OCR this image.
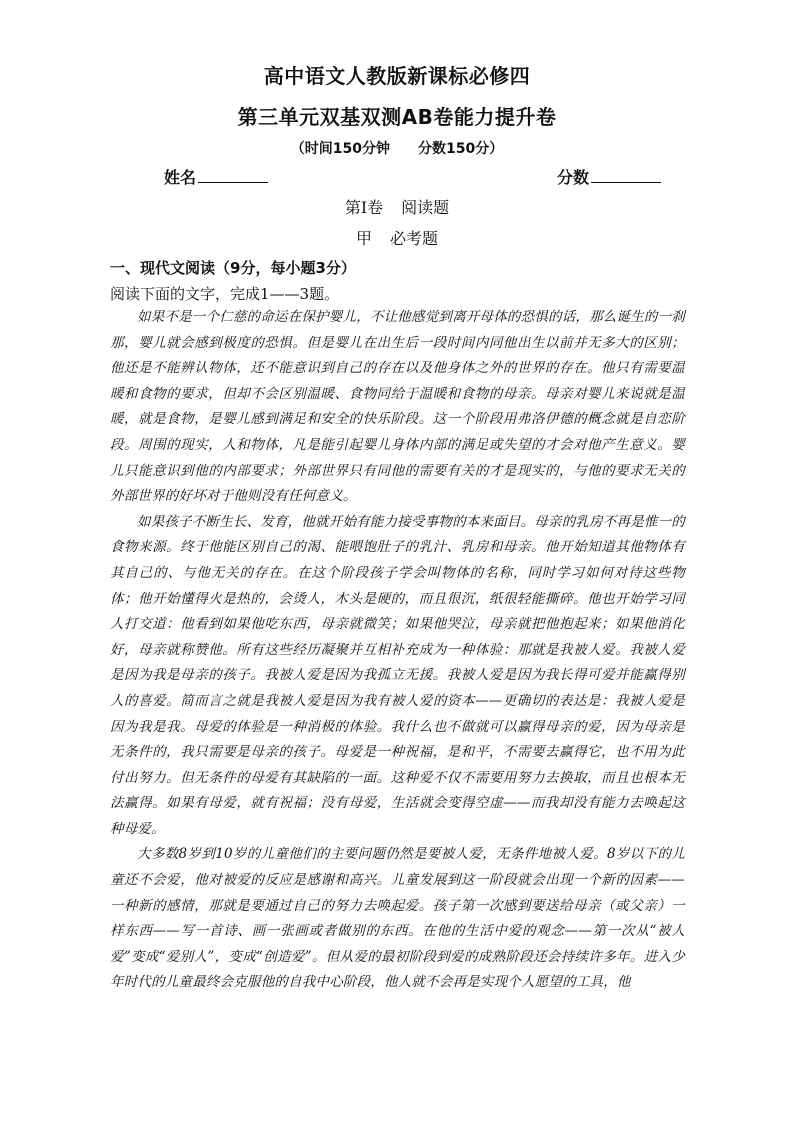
高中语文人教版新课标必修四
第三单元双基双测AB卷能力提升卷
（时间150分钟　　分数150分）
姓名	分数
第Ⅰ卷 阅读题
甲 必考题
一、现代文阅读（9分，每小题3分）
阅读下面的文字，完成1——3题。

如果不是一个仁慈的命运在保护婴儿，不让他感觉到离开母体的恐惧的话，那么诞生的一刹那，婴儿就会感到极度的恐惧。但是婴儿在出生后一段时间内同他出生以前并无多大的区别；他还是不能辨认物体，还不能意识到自己的存在以及他身体之外的世界的存在。他只有需要温暖和食物的要求，但却不会区别温暖、食物同给于温暖和食物的母亲。母亲对婴儿来说就是温暖，就是食物，是婴儿感到满足和安全的快乐阶段。这一个阶段用弗洛伊德的概念就是自恋阶段。周围的现实，人和物体，凡是能引起婴儿身体内部的满足或失望的才会对他产生意义。婴儿只能意识到他的内部要求；外部世界只有同他的需要有关的才是现实的，与他的要求无关的外部世界的好坏对于他则没有任何意义。

如果孩子不断生长、发育，他就开始有能力接受事物的本来面目。母亲的乳房不再是惟一的食物来源。终于他能区别自己的渴、能喂饱肚子的乳汁、乳房和母亲。他开始知道其他物体有其自己的、与他无关的存在。在这个阶段孩子学会叫物体的名称，同时学习如何对待这些物体；他开始懂得火是热的，会烫人，木头是硬的，而且很沉，纸很轻能撕碎。他也开始学习同人打交道：他看到如果他吃东西，母亲就微笑；如果他哭泣，母亲就把他抱起来；如果他消化好，母亲就称赞他。所有这些经历凝聚并互相补充成为一种体验：那就是我被人爱。我被人爱是因为我是母亲的孩子。我被人爱是因为我孤立无援。我被人爱是因为我长得可爱并能赢得别人的喜爱。简而言之就是我被人爱是因为我有被人爱的资本——更确切的表达是：我被人爱是因为我是我。母爱的体验是一种消极的体验。我什么也不做就可以赢得母亲的爱，因为母亲是无条件的，我只需要是母亲的孩子。母爱是一种祝福，是和平，不需要去赢得它，也不用为此付出努力。但无条件的母爱有其缺陷的一面。这种爱不仅不需要用努力去换取，而且也根本无法赢得。如果有母爱，就有祝福；没有母爱，生活就会变得空虚——而我却没有能力去唤起这种母爱。

大多数8岁到10岁的儿童他们的主要问题仍然是要被人爱，无条件地被人爱。8岁以下的儿童还不会爱，他对被爱的反应是感谢和高兴。儿童发展到这一阶段就会出现一个新的因素——一种新的感情，那就是要通过自己的努力去唤起爱。孩子第一次感到要送给母亲（或父亲）一样东西——写一首诗、画一张画或者做别的东西。在他的生活中爱的观念——第一次从“被人爱”变成“爱别人”，变成“创造爱”。但从爱的最初阶段到爱的成熟阶段还会持续许多年。进入少年时代的儿童最终会克服他的自我中心阶段，他人就不会再是实现个人愿望的工具，他
